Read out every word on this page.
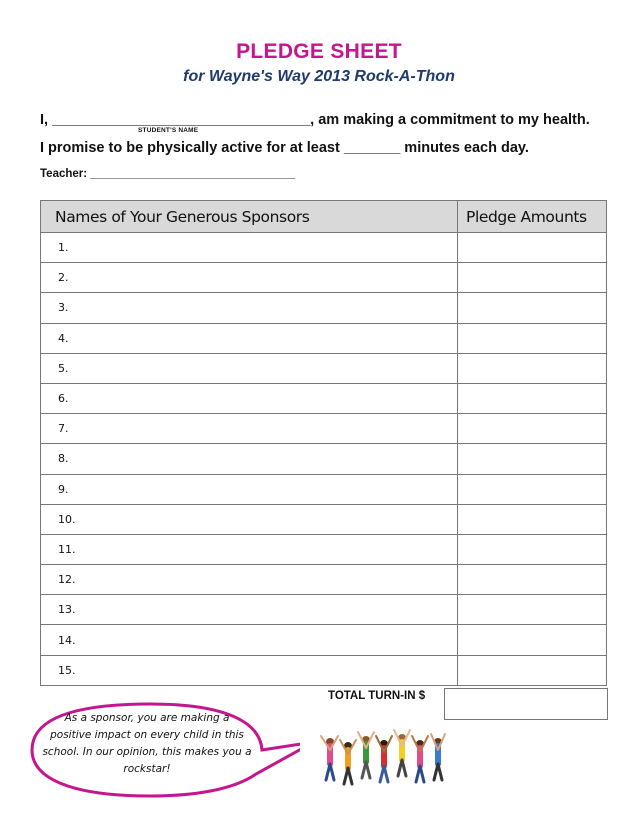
PLEDGE SHEET
for Wayne's Way 2013 Rock-A-Thon
I, ________________________________, am making a commitment to my health.
STUDENT'S NAME
I promise to be physically active for at least _______ minutes each day.
Teacher: ________________________________
Names of Your Generous Sponsors	Pledge Amounts
1.	
2.	
3.	
4.	
5.	
6.	
7.	
8.	
9.	
10.	
11.	
12.	
13.	
14.	
15.	
TOTAL TURN-IN $
As a sponsor, you are making a
positive impact on every child in this
school. In our opinion, this makes you a
rockstar!
